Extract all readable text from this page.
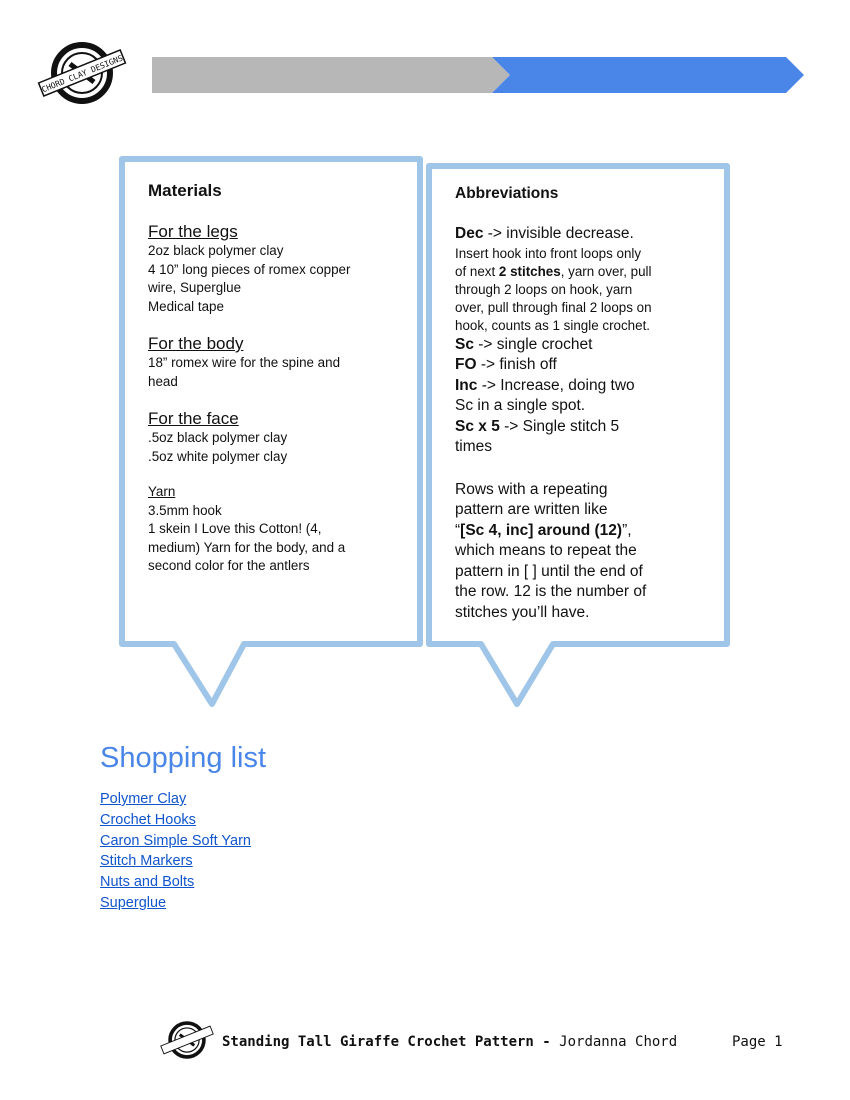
CHORD CLAY DESIGNS
Materials
For the legs
2oz black polymer clay
4 10” long pieces of romex copper
wire, Superglue
Medical tape
For the body
18” romex wire for the spine and
head
For the face
.5oz black polymer clay
.5oz white polymer clay
Yarn
3.5mm hook
1 skein I Love this Cotton! (4,
medium) Yarn for the body, and a
second color for the antlers
Abbreviations
Dec -> invisible decrease.
Insert hook into front loops only
of next 2 stitches, yarn over, pull
through 2 loops on hook, yarn
over, pull through final 2 loops on
hook, counts as 1 single crochet.
Sc -> single crochet
FO -> finish off
Inc -> Increase, doing two
Sc in a single spot.
Sc x 5 -> Single stitch 5
times
Rows with a repeating
pattern are written like
“[Sc 4, inc] around (12)”,
which means to repeat the
pattern in [ ] until the end of
the row. 12 is the number of
stitches you’ll have.
Shopping list
Polymer Clay
Crochet Hooks
Caron Simple Soft Yarn
Stitch Markers
Nuts and Bolts
Superglue
Standing Tall Giraffe Crochet Pattern - Jordanna Chord	Page 1
